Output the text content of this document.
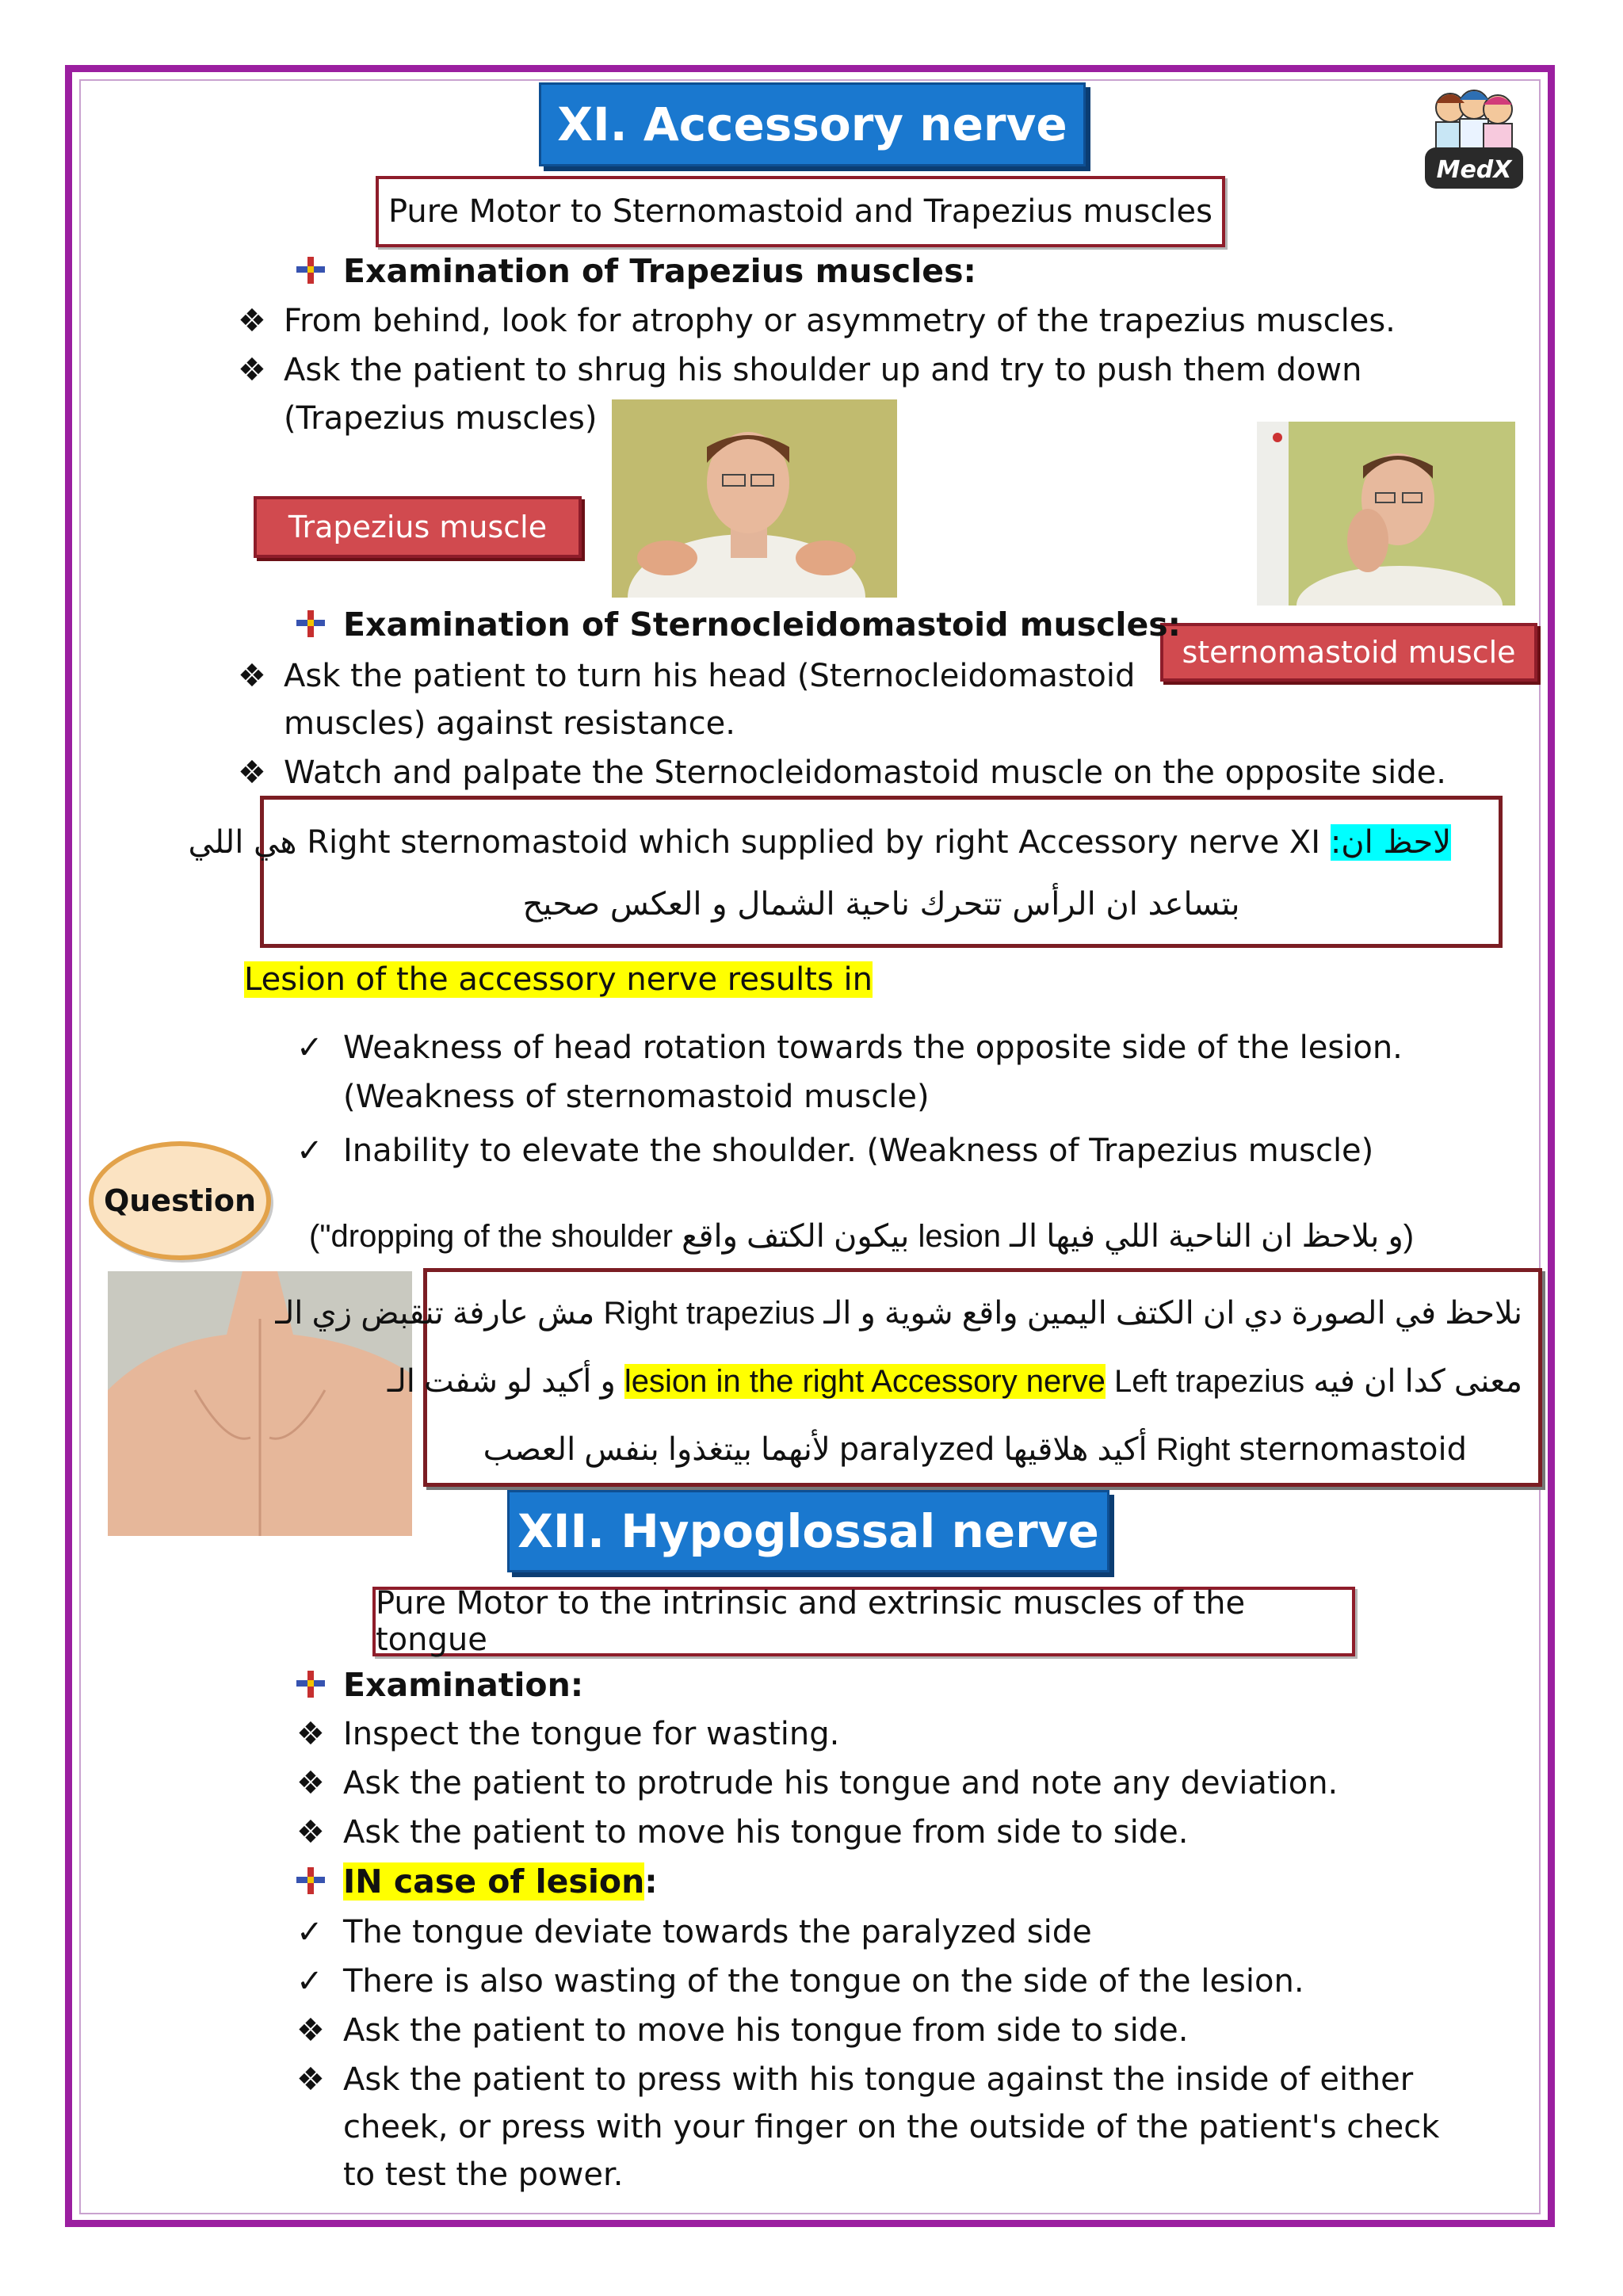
MedX
XI. Accessory nerve
Pure Motor to Sternomastoid and Trapezius muscles
Examination of Trapezius muscles:
❖ From behind, look for atrophy or asymmetry of the trapezius muscles.
❖ Ask the patient to shrug his shoulder up and try to push them down
(Trapezius muscles)
Trapezius muscle
sternomastoid muscle
Examination of Sternocleidomastoid muscles:
❖ Ask the patient to turn his head (Sternocleidomastoid
muscles) against resistance.
❖ Watch and palpate the Sternocleidomastoid muscle on the opposite side.
هي اللي Right sternomastoid which supplied by right Accessory nerve XI لاحظ ان:
بتساعد ان الرأس تتحرك ناحية الشمال و العكس صحيح
Lesion of the accessory nerve results in
✓ Weakness of head rotation towards the opposite side of the lesion.
(Weakness of sternomastoid muscle)
✓ Inability to elevate the shoulder. (Weakness of Trapezius muscle)
Question
("dropping of the shoulder بيكون الكتف واقع lesion و بلاحظ ان الناحية اللي فيها الـ)
نلاحظ في الصورة دي ان الكتف اليمين واقع شوية و الـ Right trapezius مش عارفة تنقبض زي الـ
و أكيد لو شفت الـ lesion in the right Accessory nerve Left trapezius معنى كدا ان فيه
لأنهما بيتغذوا بنفس العصب paralyzed أكيد هلاقيها Right sternomastoid
XII. Hypoglossal nerve
Pure Motor to the intrinsic and extrinsic muscles of the tongue
Examination:
❖ Inspect the tongue for wasting.
❖ Ask the patient to protrude his tongue and note any deviation.
❖ Ask the patient to move his tongue from side to side.
IN case of lesion:
✓ The tongue deviate towards the paralyzed side
✓ There is also wasting of the tongue on the side of the lesion.
❖ Ask the patient to move his tongue from side to side.
❖ Ask the patient to press with his tongue against the inside of either
cheek, or press with your finger on the outside of the patient's check
to test the power.
